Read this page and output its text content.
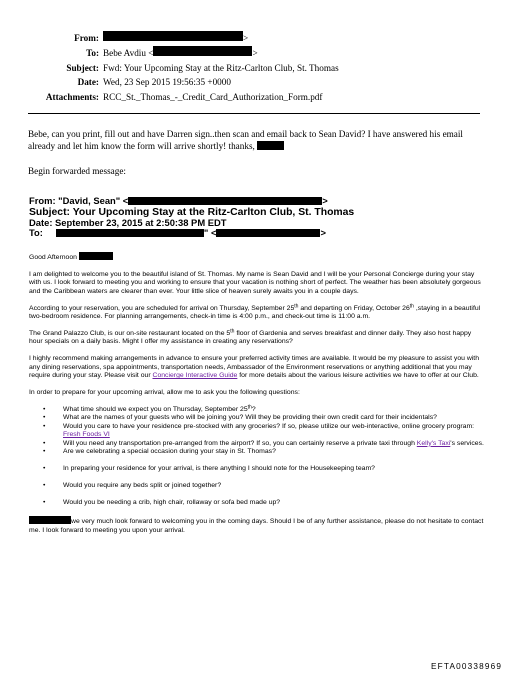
From:	>
To: Bebe Avdiu <	>
Subject: Fwd: Your Upcoming Stay at the Ritz-Carlton Club, St. Thomas
Date: Wed, 23 Sep 2015 19:56:35 +0000
Attachments: RCC_St._Thomas_-_Credit_Card_Authorization_Form.pdf

Bebe, can you print, fill out and have Darren sign..then scan and email back to Sean David? I have answered his email already and let him know the form will arrive shortly! thanks,

Begin forwarded message:
From: "David, Sean" <	>
Subject: Your Upcoming Stay at the Ritz-Carlton Club, St. Thomas
Date: September 23, 2015 at 2:50:38 PM EDT
To:	" <	>

Good Afternoon

I am delighted to welcome you to the beautiful island of St. Thomas. My name is Sean David and I will be your Personal Concierge during your stay with us. I look forward to meeting you and working to ensure that your vacation is nothing short of perfect. The weather has been absolutely gorgeous and the Caribbean waters are clearer than ever. Your little slice of heaven surely awaits you in a couple days.

According to your reservation, you are scheduled for arrival on Thursday, September 25th and departing on Friday, October 26th ,staying in a beautiful two-bedroom residence. For planning arrangements, check-in time is 4:00 p.m., and check-out time is 11:00 a.m.

The Grand Palazzo Club, is our on-site restaurant located on the 5th floor of Gardenia and serves breakfast and dinner daily. They also host happy hour specials on a daily basis. Might I offer my assistance in creating any reservations?

I highly recommend making arrangements in advance to ensure your preferred activity times are available. It would be my pleasure to assist you with any dining reservations, spa appointments, transportation needs, Ambassador of the Environment reservations or anything additional that you may require during your stay. Please visit our Concierge Interactive Guide for more details about the various leisure activities we have to offer at our Club.

In order to prepare for your upcoming arrival, allow me to ask you the following questions:

• What time should we expect you on Thursday, September 25th?
• What are the names of your guests who will be joining you? Will they be providing their own credit card for their incidentals?
• Would you care to have your residence pre-stocked with any groceries? If so, please utilize our web-interactive, online grocery program: Fresh Foods VI
• Will you need any transportation pre-arranged from the airport? If so, you can certainly reserve a private taxi through Kelly's Taxi's services.
• Are we celebrating a special occasion during your stay in St. Thomas?
• In preparing your residence for your arrival, is there anything I should note for the Housekeeping team?
• Would you require any beds split or joined together?
• Would you be needing a crib, high chair, rollaway or sofa bed made up?

we very much look forward to welcoming you in the coming days. Should I be of any further assistance, please do not hesitate to contact me. I look forward to meeting you upon your arrival.

EFTA00338969
